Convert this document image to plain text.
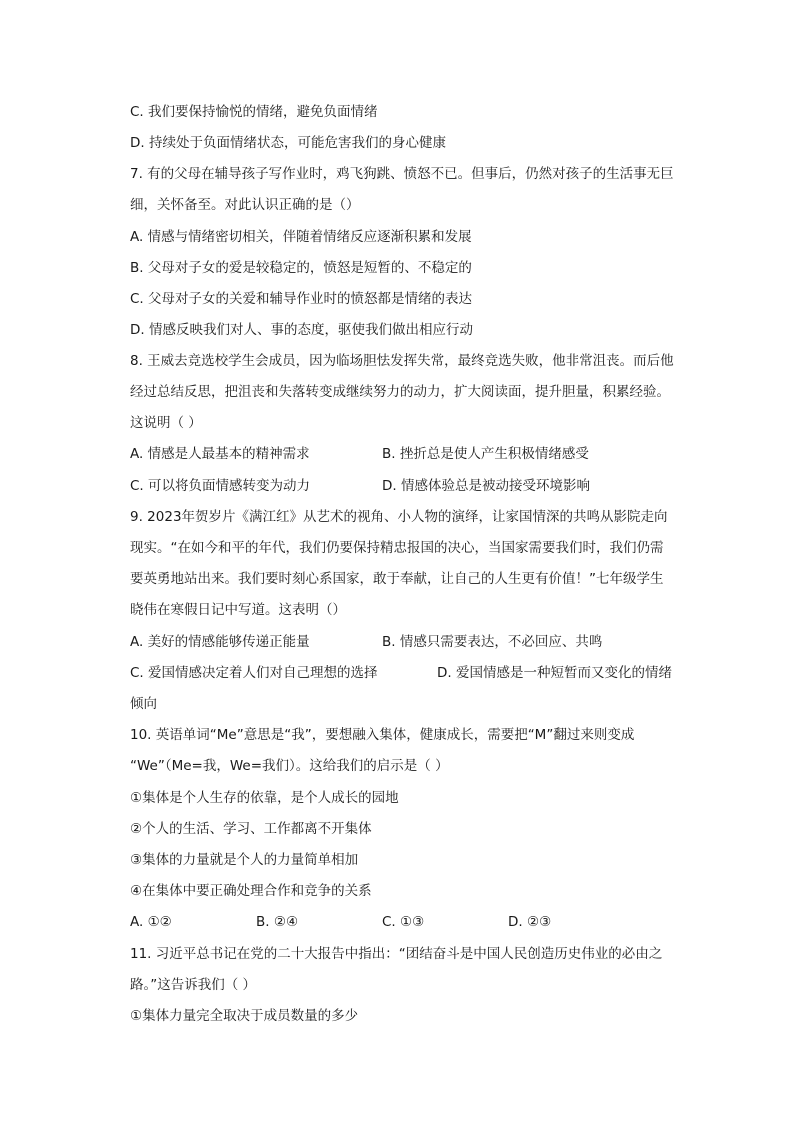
C. 我们要保持愉悦的情绪，避免负面情绪
D. 持续处于负面情绪状态，可能危害我们的身心健康
7. 有的父母在辅导孩子写作业时，鸡飞狗跳、愤怒不已。但事后，仍然对孩子的生活事无巨
细，关怀备至。对此认识正确的是（）
A. 情感与情绪密切相关，伴随着情绪反应逐渐积累和发展
B. 父母对子女的爱是较稳定的，愤怒是短暂的、不稳定的
C. 父母对子女的关爱和辅导作业时的愤怒都是情绪的表达
D. 情感反映我们对人、事的态度，驱使我们做出相应行动
8. 王威去竞选校学生会成员，因为临场胆怯发挥失常，最终竞选失败，他非常沮丧。而后他
经过总结反思，把沮丧和失落转变成继续努力的动力，扩大阅读面，提升胆量，积累经验。
这说明（ ）
A. 情感是人最基本的精神需求	B. 挫折总是使人产生积极情绪感受
C. 可以将负面情感转变为动力	D. 情感体验总是被动接受环境影响
9. 2023年贺岁片《满江红》从艺术的视角、小人物的演绎，让家国情深的共鸣从影院走向
现实。“在如今和平的年代，我们仍要保持精忠报国的决心，当国家需要我们时，我们仍需
要英勇地站出来。我们要时刻心系国家，敢于奉献，让自己的人生更有价值！”七年级学生
晓伟在寒假日记中写道。这表明（）
A. 美好的情感能够传递正能量	B. 情感只需要表达，不必回应、共鸣
C. 爱国情感决定着人们对自己理想的选择	D. 爱国情感是一种短暂而又变化的情绪
倾向
10. 英语单词“Me”意思是“我”，要想融入集体，健康成长，需要把“M”翻过来则变成
“We”（Me=我，We=我们）。这给我们的启示是（ ）
①集体是个人生存的依靠，是个人成长的园地
②个人的生活、学习、工作都离不开集体
③集体的力量就是个人的力量简单相加
④在集体中要正确处理合作和竞争的关系
A. ①②	B. ②④	C. ①③	D. ②③
11. 习近平总书记在党的二十大报告中指出：“团结奋斗是中国人民创造历史伟业的必由之
路。”这告诉我们（ ）
①集体力量完全取决于成员数量的多少
